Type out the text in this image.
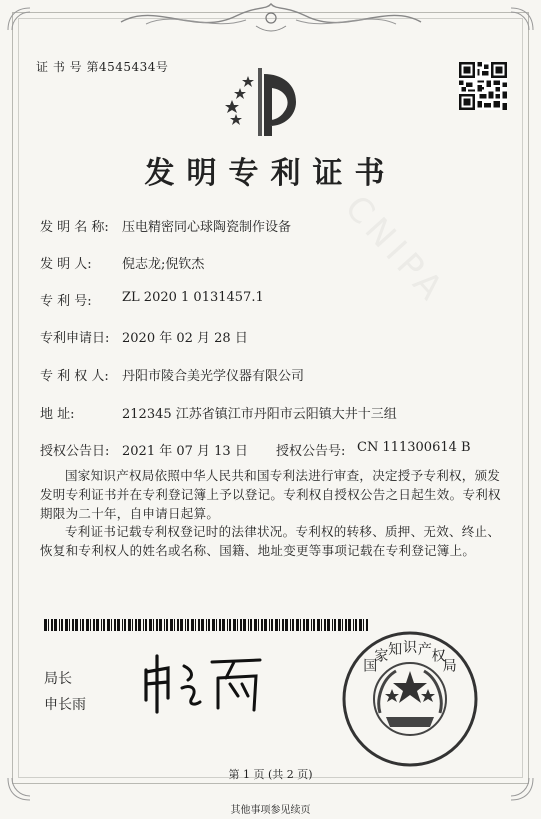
CNIPA
证 书 号 第4545434号
发明专利证书
发 明 名 称: 压电精密同心球陶瓷制作设备
发 明 人: 倪志龙;倪钦杰
专 利 号: ZL 2020 1 0131457.1
专利申请日: 2020 年 02 月 28 日
专 利 权 人: 丹阳市陵合美光学仪器有限公司
地 址:	212345 江苏省镇江市丹阳市云阳镇大井十三组
授权公告日: 2021 年 07 月 13 日 授权公告号: CN 111300614 B
国家知识产权局依照中华人民共和国专利法进行审查，决定授予专利权，颁发发明专利证书并在专利登记簿上予以登记。专利权自授权公告之日起生效。专利权期限为二十年，自申请日起算。
专利证书记载专利权登记时的法律状况。专利权的转移、质押、无效、终止、恢复和专利权人的姓名或名称、国籍、地址变更等事项记载在专利登记簿上。
局长
申长雨
国家知识产权局
第 1 页 (共 2 页)
其他事项参见续页
